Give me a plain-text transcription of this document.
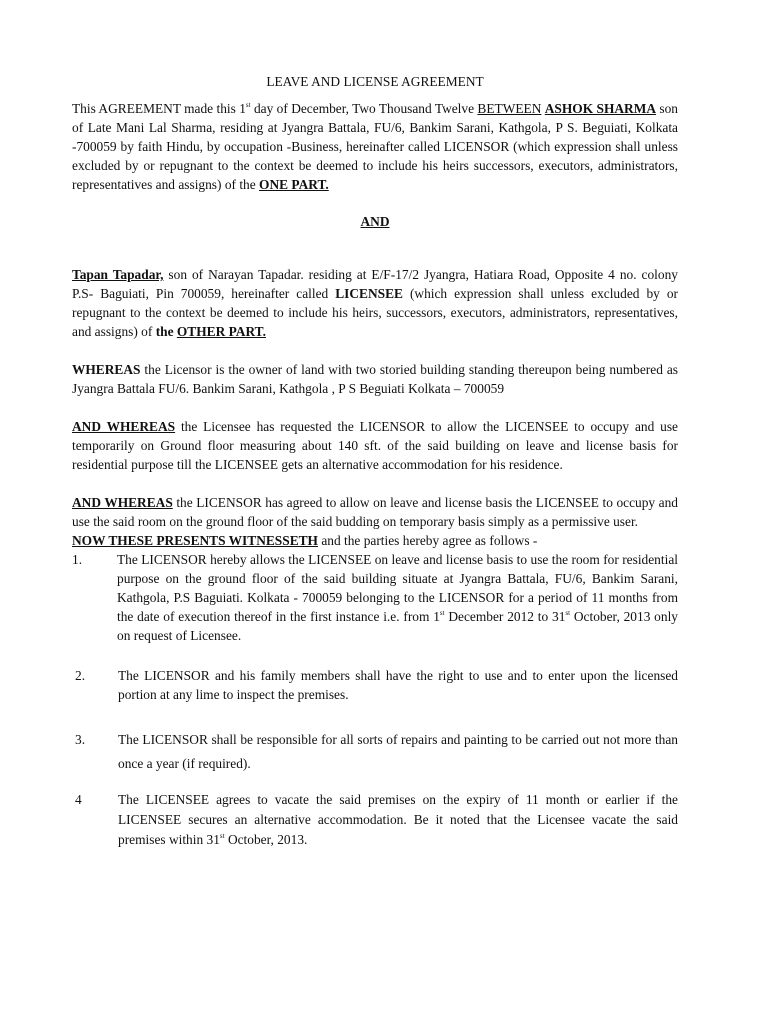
LEAVE AND LICENSE AGREEMENT

This AGREEMENT made this 1st day of December, Two Thousand Twelve BETWEEN ASHOK SHARMA son of Late Mani Lal Sharma, residing at Jyangra Battala, FU/6, Bankim Sarani, Kathgola, P S. Beguiati, Kolkata -700059 by faith Hindu, by occupation -Business, hereinafter called LICENSOR (which expression shall unless excluded by or repugnant to the context be deemed to include his heirs successors, executors, administrators, representatives and assigns) of the ONE PART.

AND

Tapan Tapadar, son of Narayan Tapadar. residing at E/F-17/2 Jyangra, Hatiara Road, Opposite 4 no. colony P.S- Baguiati, Pin 700059, hereinafter called LICENSEE (which expression shall unless excluded by or repugnant to the context be deemed to include his heirs, successors, executors, administrators, representatives, and assigns) of the OTHER PART.

WHEREAS the Licensor is the owner of land with two storied building standing thereupon being numbered as Jyangra Battala FU/6. Bankim Sarani, Kathgola , P S Beguiati Kolkata – 700059

AND WHEREAS the Licensee has requested the LICENSOR to allow the LICENSEE to occupy and use temporarily on Ground floor measuring about 140 sft. of the said building on leave and license basis for residential purpose till the LICENSEE gets an alternative accommodation for his residence.

AND WHEREAS the LICENSOR has agreed to allow on leave and license basis the LICENSEE to occupy and use the said room on the ground floor of the said budding on temporary basis simply as a permissive user.

NOW THESE PRESENTS WITNESSETH and the parties hereby agree as follows -

1.	The LICENSOR hereby allows the LICENSEE on leave and license basis to use the room for residential purpose on the ground floor of the said building situate at Jyangra Battala, FU/6, Bankim Sarani, Kathgola, P.S Baguiati. Kolkata - 700059 belonging to the LICENSOR for a period of 11 months from the date of execution thereof in the first instance i.e. from 1st December 2012 to 31st October, 2013 only on request of Licensee.
2. The LICENSOR and his family members shall have the right to use and to enter upon the licensed portion at any lime to inspect the premises.
3. The LICENSOR shall be responsible for all sorts of repairs and painting to be carried out not more than once a year (if required).
4	The LICENSEE agrees to vacate the said premises on the expiry of 11 month or earlier if the LICENSEE secures an alternative accommodation. Be it noted that the Licensee vacate the said premises within 31st October, 2013.
